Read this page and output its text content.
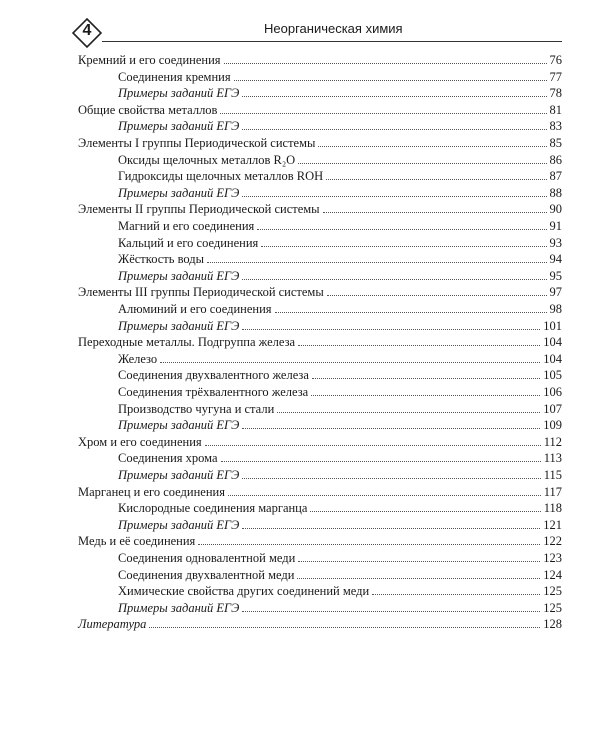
4	Неорганическая химия
Кремний и его соединения	76
Соединения кремния	77
Примеры заданий ЕГЭ	78
Общие свойства металлов	81
Примеры заданий ЕГЭ	83
Элементы I группы Периодической системы	85
Оксиды щелочных металлов R₂O	86
Гидроксиды щелочных металлов ROH	87
Примеры заданий ЕГЭ	88
Элементы II группы Периодической системы	90
Магний и его соединения	91
Кальций и его соединения	93
Жёсткость воды	94
Примеры заданий ЕГЭ	95
Элементы III группы Периодической системы	97
Алюминий и его соединения	98
Примеры заданий ЕГЭ	101
Переходные металлы. Подгруппа железа	104
Железо	104
Соединения двухвалентного железа	105
Соединения трёхвалентного железа	106
Производство чугуна и стали	107
Примеры заданий ЕГЭ	109
Хром и его соединения	112
Соединения хрома	113
Примеры заданий ЕГЭ	115
Марганец и его соединения	117
Кислородные соединения марганца	118
Примеры заданий ЕГЭ	121
Медь и её соединения	122
Соединения одновалентной меди	123
Соединения двухвалентной меди	124
Химические свойства других соединений меди	125
Примеры заданий ЕГЭ	125
Литература	128
